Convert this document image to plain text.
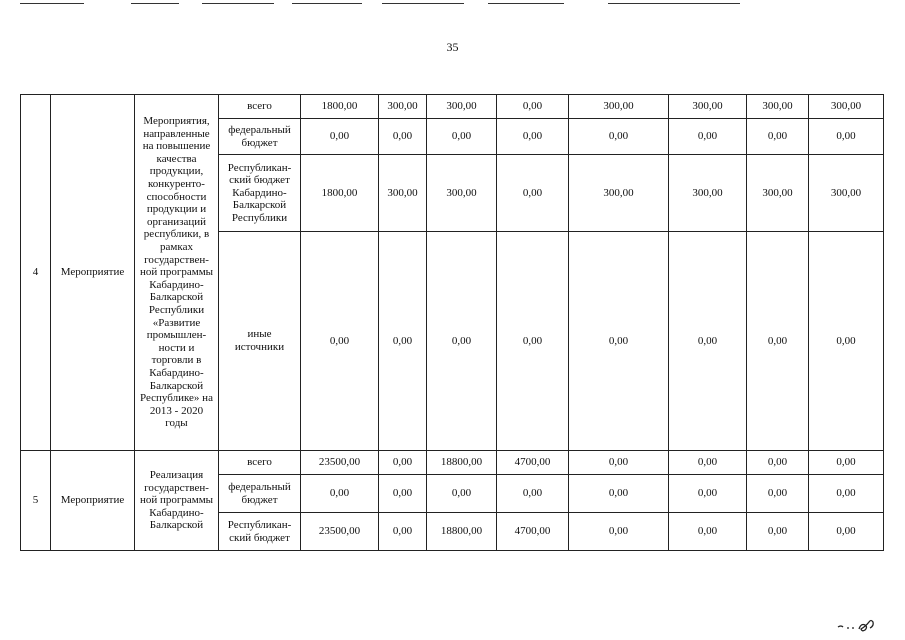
35
4	Мероприятие	Мероприятия, направленные на повышение качества продукции, конкуренто-способности продукции и организаций республики, в рамках государствен-ной программы Кабардино-Балкарской Республики «Развитие промышлен-ности и торговли в Кабардино-Балкарской Республике» на 2013 - 2020 годы	всего	1800,00	300,00	300,00	0,00	300,00	300,00	300,00	300,00
			федеральный бюджет	0,00	0,00	0,00	0,00	0,00	0,00	0,00	0,00
			Республикан-ский бюджет Кабардино-Балкарской Республики	1800,00	300,00	300,00	0,00	300,00	300,00	300,00	300,00
			иные источники	0,00	0,00	0,00	0,00	0,00	0,00	0,00	0,00
5	Мероприятие	Реализация государствен-ной программы Кабардино-Балкарской	всего	23500,00	0,00	18800,00	4700,00	0,00	0,00	0,00	0,00
			федеральный бюджет	0,00	0,00	0,00	0,00	0,00	0,00	0,00	0,00
			Республикан-ский бюджет	23500,00	0,00	18800,00	4700,00	0,00	0,00	0,00	0,00
